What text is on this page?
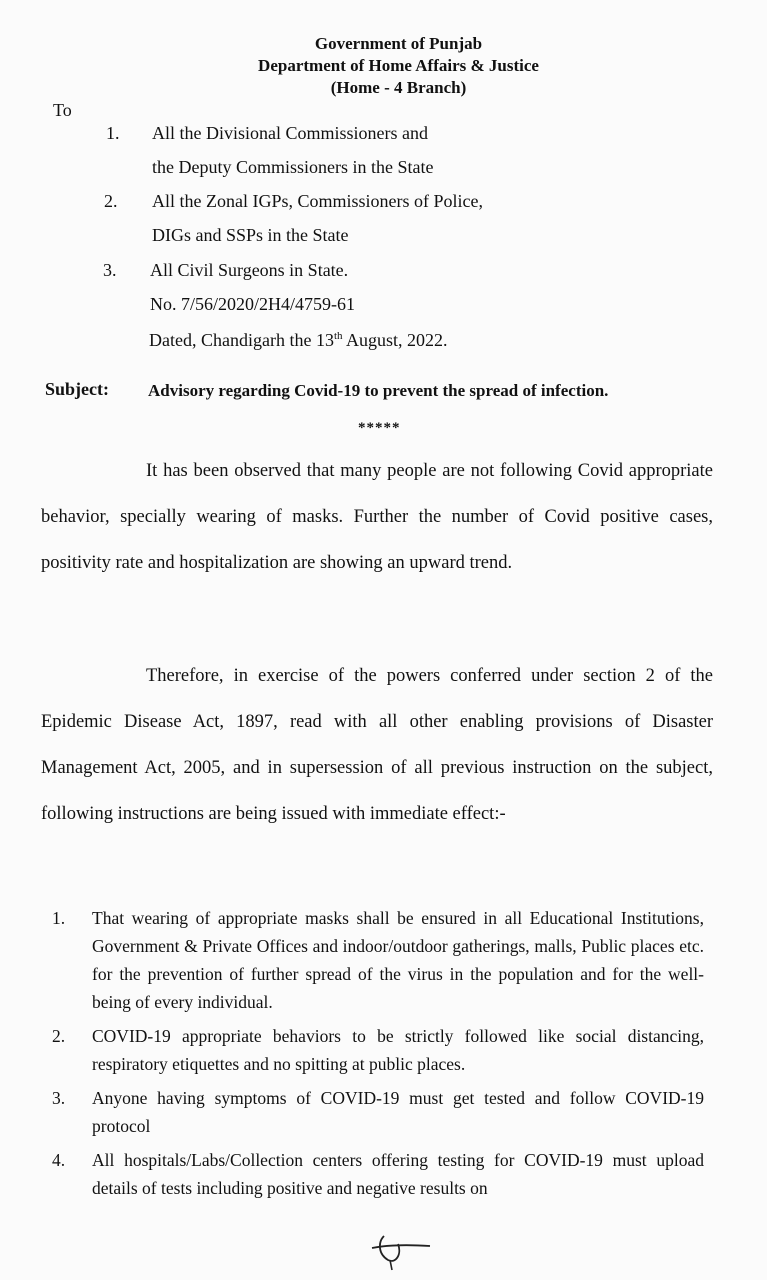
Government of Punjab
Department of Home Affairs & Justice
(Home - 4 Branch)
To
1. All the Divisional Commissioners and
the Deputy Commissioners in the State
2. All the Zonal IGPs, Commissioners of Police,
DIGs and SSPs in the State
3. All Civil Surgeons in State.
No. 7/56/2020/2H4/4759-61
Dated, Chandigarh the 13th August, 2022.
Subject: Advisory regarding Covid-19 to prevent the spread of infection.
*****

It has been observed that many people are not following Covid appropriate behavior, specially wearing of masks. Further the number of Covid positive cases, positivity rate and hospitalization are showing an upward trend.

Therefore, in exercise of the powers conferred under section 2 of the Epidemic Disease Act, 1897, read with all other enabling provisions of Disaster Management Act, 2005, and in supersession of all previous instruction on the subject, following instructions are being issued with immediate effect:-

1. That wearing of appropriate masks shall be ensured in all Educational Institutions, Government & Private Offices and indoor/outdoor gatherings, malls, Public places etc. for the prevention of further spread of the virus in the population and for the well-being of every individual.
2. COVID-19 appropriate behaviors to be strictly followed like social distancing, respiratory etiquettes and no spitting at public places.
3. Anyone having symptoms of COVID-19 must get tested and follow COVID-19 protocol
4. All hospitals/Labs/Collection centers offering testing for COVID-19 must upload details of tests including positive and negative results on
